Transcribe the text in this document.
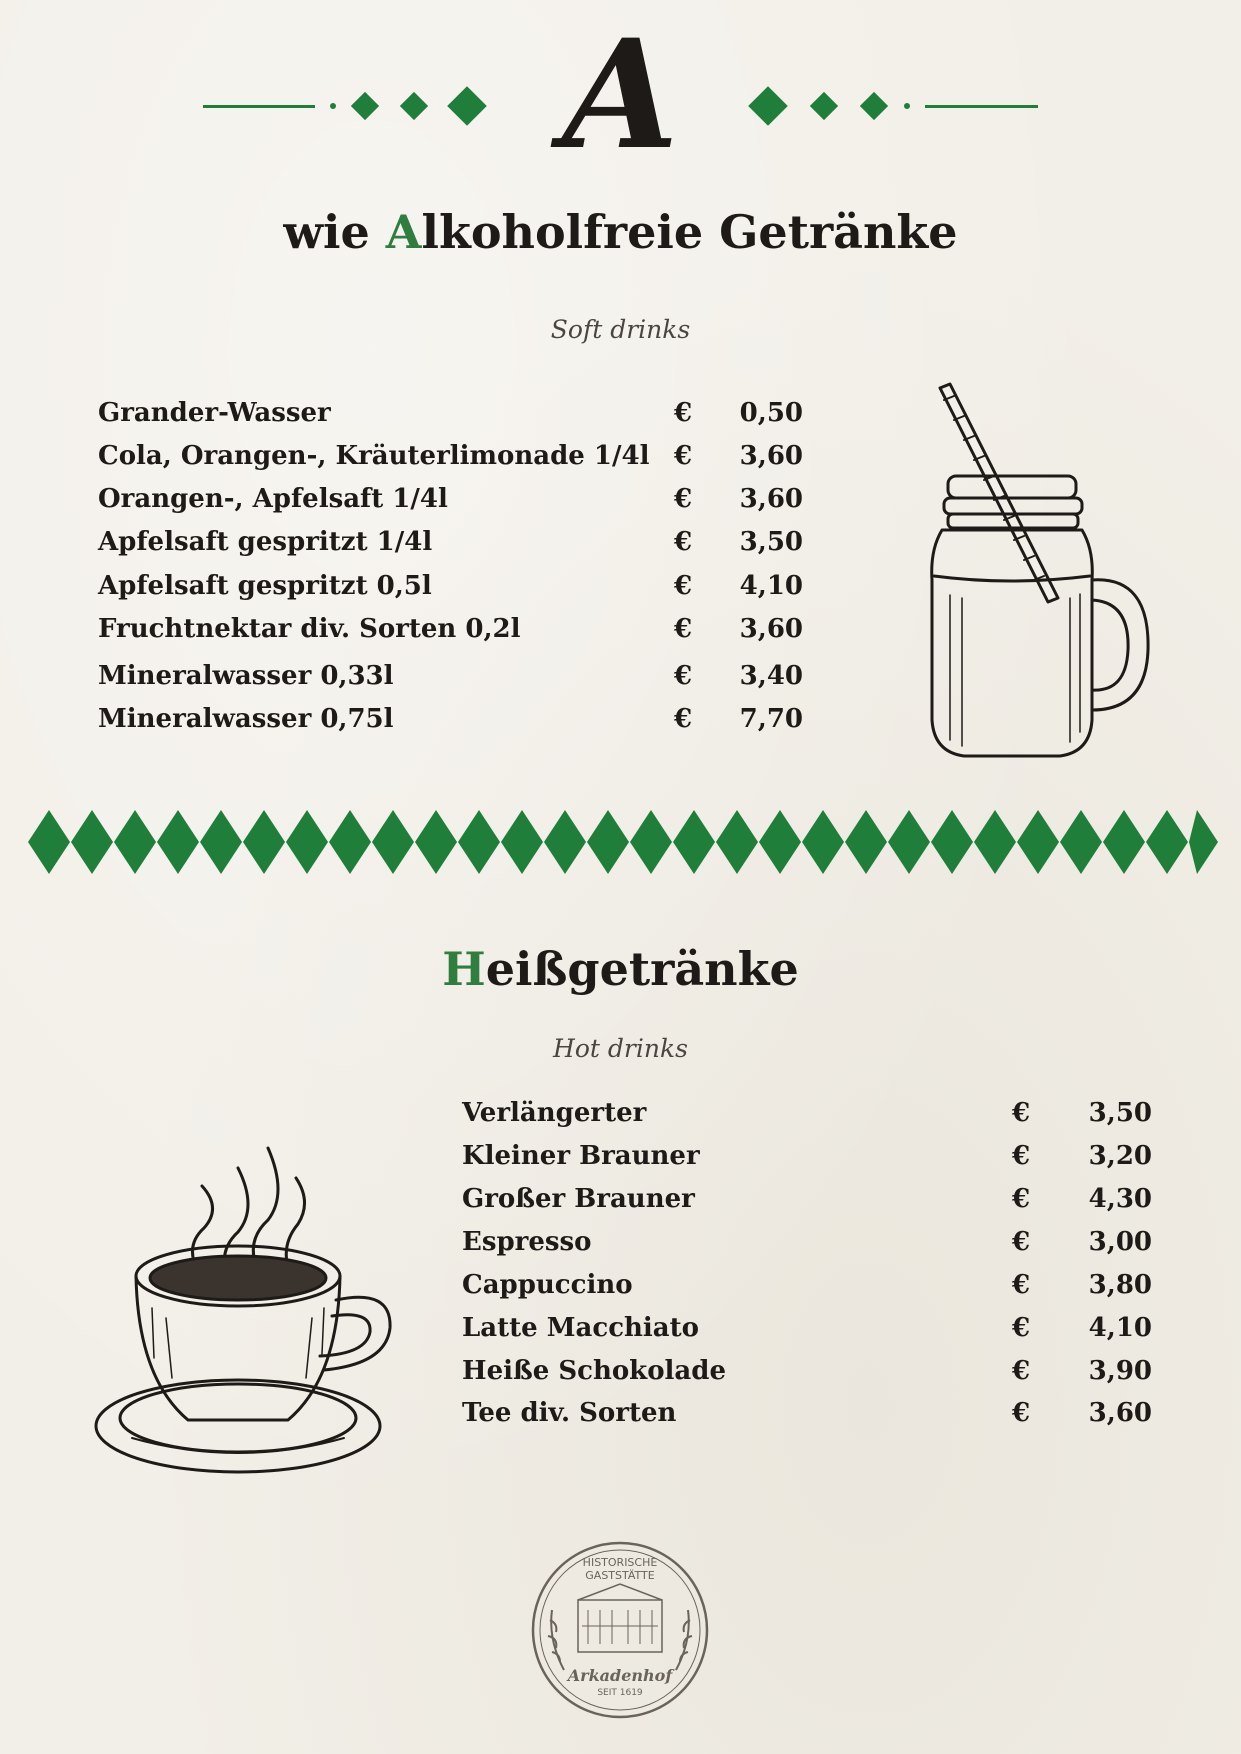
A
wie Alkoholfreie Getränke
Soft drinks
Grander-Wasser	€	0,50
Cola, Orangen-, Kräuterlimonade 1/4l €	3,60
Orangen-, Apfelsaft 1/4l	€	3,60
Apfelsaft gespritzt 1/4l	€	3,50
Apfelsaft gespritzt 0,5l	€	4,10
Fruchtnektar div. Sorten 0,2l	€	3,60
Mineralwasser 0,33l	€	3,40
Mineralwasser 0,75l	€	7,70
Heißgetränke
Hot drinks
Verlängerter	€	3,50
Kleiner Brauner	€	3,20
Großer Brauner	€	4,30
Espresso	€	3,00
Cappuccino	€	3,80
Latte Macchiato	€	4,10
Heiße Schokolade	€	3,90
Tee div. Sorten	€	3,60
HISTORISCHE
GASTSTÄTTE
Arkadenhof
SEIT 1619
